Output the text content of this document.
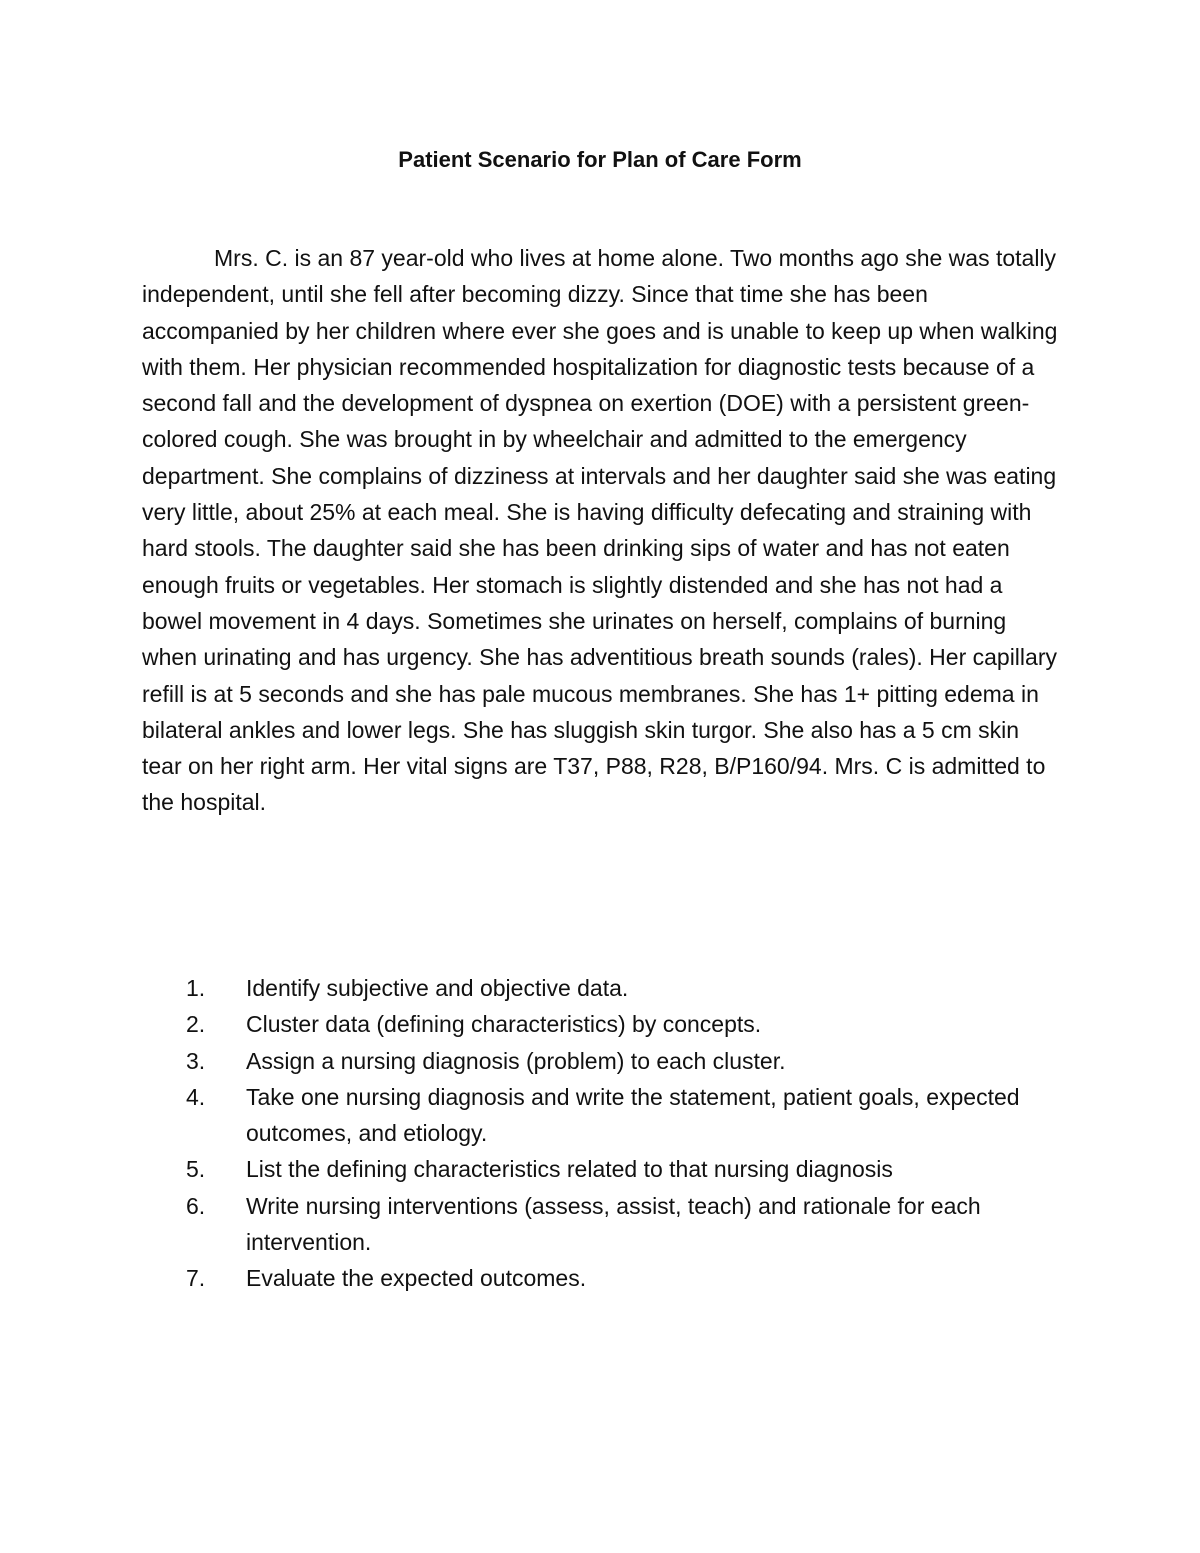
Patient Scenario for Plan of Care Form

Mrs. C. is an 87 year-old who lives at home alone. Two months ago she was totally independent, until she fell after becoming dizzy. Since that time she has been accompanied by her children where ever she goes and is unable to keep up when walking with them. Her physician recommended hospitalization for diagnostic tests because of a second fall and the development of dyspnea on exertion (DOE) with a persistent green-colored cough. She was brought in by wheelchair and admitted to the emergency department. She complains of dizziness at intervals and her daughter said she was eating very little, about 25% at each meal. She is having difficulty defecating and straining with hard stools. The daughter said she has been drinking sips of water and has not eaten enough fruits or vegetables. Her stomach is slightly distended and she has not had a bowel movement in 4 days. Sometimes she urinates on herself, complains of burning when urinating and has urgency. She has adventitious breath sounds (rales). Her capillary refill is at 5 seconds and she has pale mucous membranes. She has 1+ pitting edema in bilateral ankles and lower legs. She has sluggish skin turgor. She also has a 5 cm skin tear on her right arm. Her vital signs are T37, P88, R28, B/P160/94. Mrs. C is admitted to the hospital.

1. Identify subjective and objective data.
2. Cluster data (defining characteristics) by concepts.
3. Assign a nursing diagnosis (problem) to each cluster.
4. Take one nursing diagnosis and write the statement, patient goals, expected outcomes, and etiology.
5. List the defining characteristics related to that nursing diagnosis
6. Write nursing interventions (assess, assist, teach) and rationale for each intervention.
7. Evaluate the expected outcomes.
